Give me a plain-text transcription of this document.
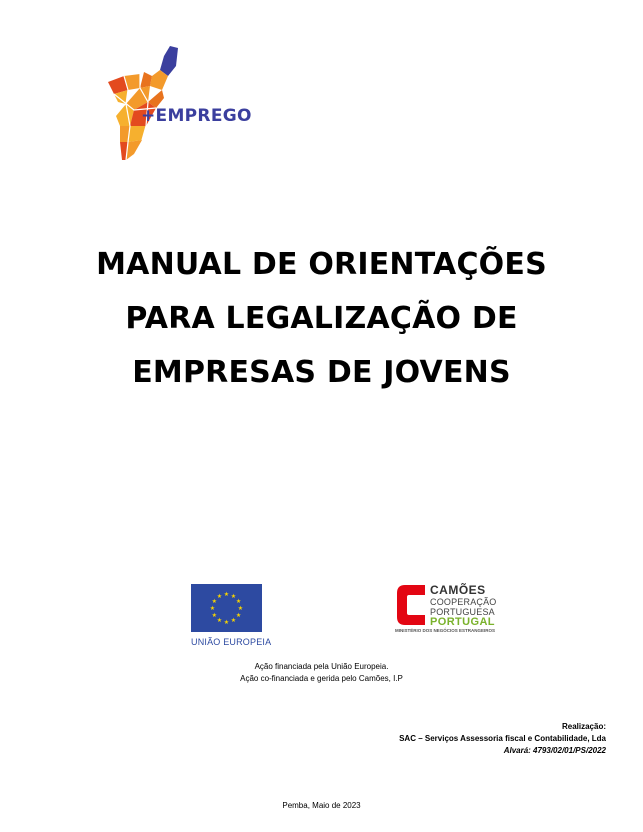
+EMPREGO
MANUAL DE ORIENTAÇÕES
PARA LEGALIZAÇÃO DE
EMPRESAS DE JOVENS
★ ★
★
★
★
★
★
★
★
★
★
★
UNIÃO EUROPEIA
CAMÕES
COOPERAÇÃO
PORTUGUESA
PORTUGAL
MINISTÉRIO DOS NEGÓCIOS ESTRANGEIROS
Ação financiada pela União Europeia.
Ação co-financiada e gerida pelo Camões, I.P
Realização:
SAC – Serviços Assessoria fiscal e Contabilidade, Lda
Alvará: 4793/02/01/PS/2022
Pemba, Maio de 2023
